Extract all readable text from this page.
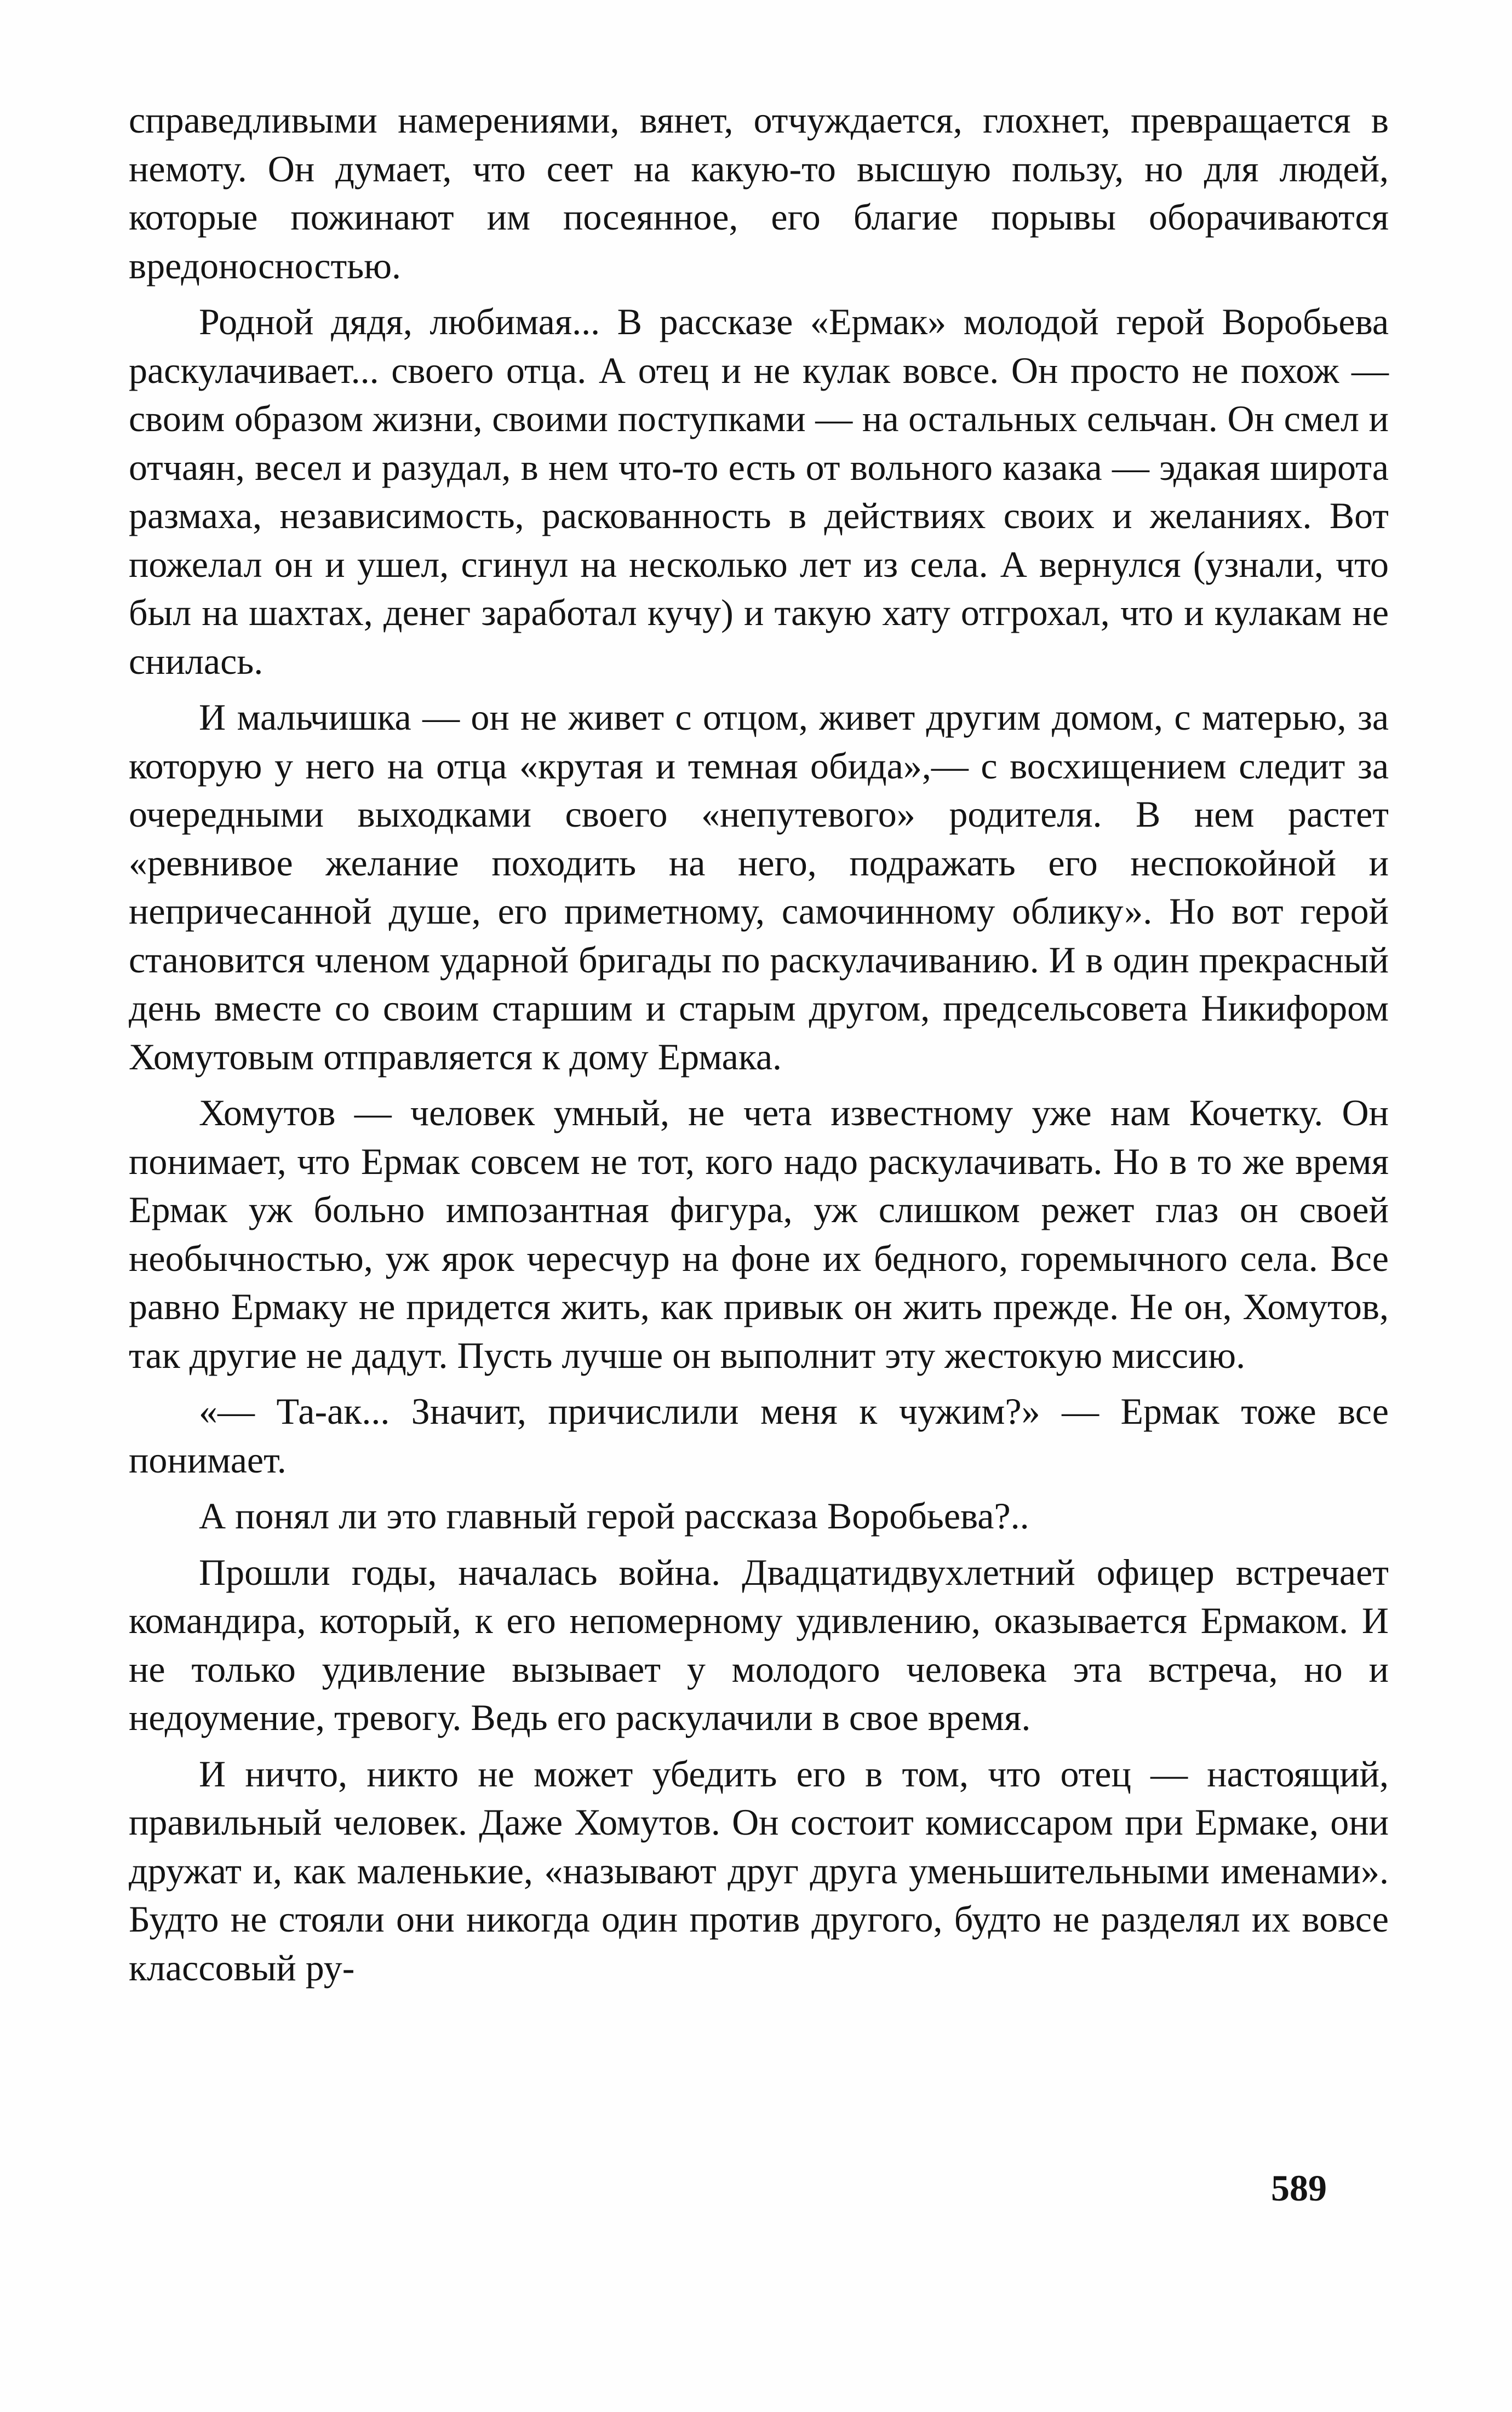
справедливыми намерениями, вянет, отчуждается, глохнет, превращается в немоту. Он думает, что сеет на какую-то высшую пользу, но для людей, которые пожинают им посеянное, его благие порывы оборачиваются вредоносностью.

Родной дядя, любимая... В рассказе «Ермак» молодой герой Воробьева раскулачивает... своего отца. А отец и не кулак вовсе. Он просто не похож — своим образом жизни, своими поступками — на остальных сельчан. Он смел и отчаян, весел и разудал, в нем что-то есть от вольного казака — эдакая широта размаха, независимость, раскованность в действиях своих и желаниях. Вот пожелал он и ушел, сгинул на несколько лет из села. А вернулся (узнали, что был на шахтах, денег заработал кучу) и такую хату отгрохал, что и кулакам не снилась.

И мальчишка — он не живет с отцом, живет другим домом, с матерью, за которую у него на отца «крутая и темная обида»,— с восхищением следит за очередными выходками своего «непутевого» родителя. В нем растет «ревнивое желание походить на него, подражать его неспокойной и непричесанной душе, его приметному, самочинному облику». Но вот герой становится членом ударной бригады по раскулачиванию. И в один прекрасный день вместе со своим старшим и старым другом, предсельсовета Никифором Хомутовым отправляется к дому Ермака.

Хомутов — человек умный, не чета известному уже нам Кочетку. Он понимает, что Ермак совсем не тот, кого надо раскулачивать. Но в то же время Ермак уж больно импозантная фигура, уж слишком режет глаз он своей необычностью, уж ярок чересчур на фоне их бедного, горемычного села. Все равно Ермаку не придется жить, как привык он жить прежде. Не он, Хомутов, так другие не дадут. Пусть лучше он выполнит эту жестокую миссию.

«— Та-ак... Значит, причислили меня к чужим?» — Ермак тоже все понимает.

А понял ли это главный герой рассказа Воробьева?..

Прошли годы, началась война. Двадцатидвухлетний офицер встречает командира, который, к его непомерному удивлению, оказывается Ермаком. И не только удивление вызывает у молодого человека эта встреча, но и недоумение, тревогу. Ведь его раскулачили в свое время.

И ничто, никто не может убедить его в том, что отец — настоящий, правильный человек. Даже Хомутов. Он состоит комиссаром при Ермаке, они дружат и, как маленькие, «называют друг друга уменьшительными именами». Будто не стояли они никогда один против другого, будто не разделял их вовсе классовый ру-

589
